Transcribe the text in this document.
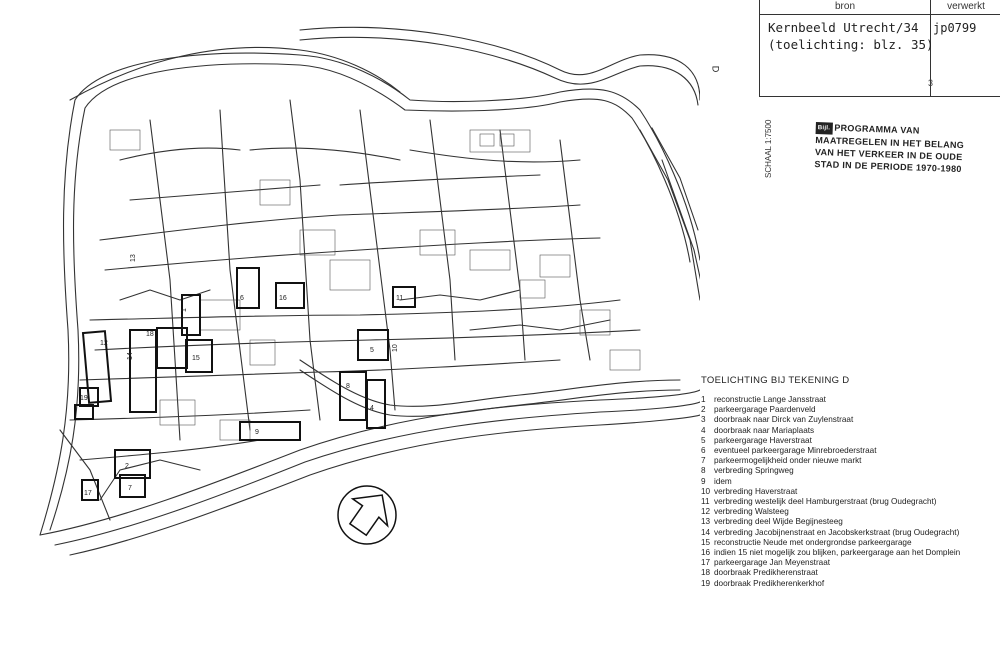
1
6	16	11
5	10
8
4
9
14
12
13
15
19
18
2
7
17
bron	verwerkt
Kernbeeld Utrecht/34
(toelichting: blz. 35)
jp0799
D
3
Bijl. PROGRAMMA VAN
MAATREGELEN IN HET BELANG
VAN HET VERKEER IN DE OUDE
STAD IN DE PERIODE 1970-1980
SCHAAL 1:7500
TOELICHTING BIJ TEKENING D
1	reconstructie Lange Jansstraat
2	parkeergarage Paardenveld
3	doorbraak naar Dirck van Zuylenstraat
4	doorbraak naar Mariaplaats
5	parkeergarage Haverstraat
6	eventueel parkeergarage Minrebroederstraat
7	parkeermogelijkheid onder nieuwe markt
8	verbreding Springweg
9	idem
10 verbreding Haverstraat
11 verbreding westelijk deel Hamburgerstraat (brug Oudegracht)
12 verbreding Walsteeg
13 verbreding deel Wijde Begijnesteeg
14 verbreding Jacobijnenstraat en Jacobskerkstraat (brug Oudegracht)
15 reconstructie Neude met ondergrondse parkeergarage
16 indien 15 niet mogelijk zou blijken, parkeergarage aan het Domplein
17 parkeergarage Jan Meyenstraat
18 doorbraak Predikherenstraat
19 doorbraak Predikherenkerkhof
